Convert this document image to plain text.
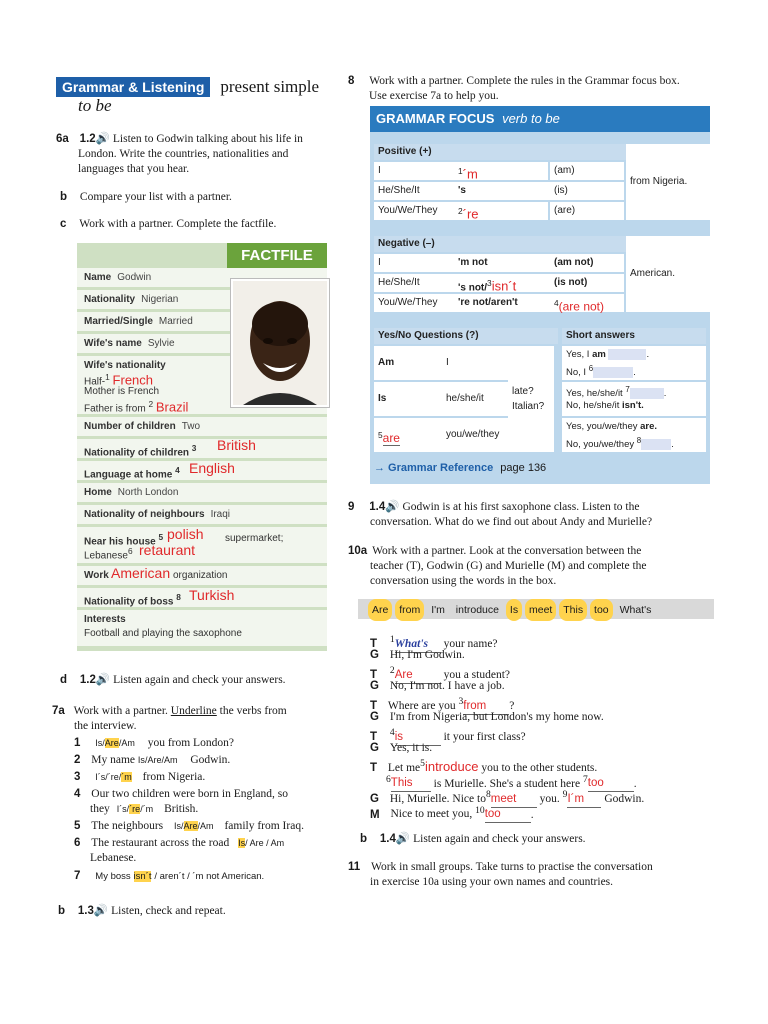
Grammar & Listening present simple
to be
6a 1.2🔊 Listen to Godwin talking about his life in
London. Write the countries, nationalities and
languages that you hear.
b Compare your list with a partner.
c Work with a partner. Complete the factfile.
FACTFILE
Name Godwin
Nationality Nigerian
Married/Single Married
Wife's name Sylvie
Wife's nationality
Half-$^1$ French
Mother is French
Father is from $^2$ Brazil
Number of children Two
Nationality of children $^3$ British
Language at home $^4$ English
Home North London
Nationality of neighbours Iraqi
Near his house $^5$ polish supermarket;
Lebanese$^6$ retaurant
Work American organization
Nationality of boss $^8$ Turkish
Interests
Football and playing the saxophone
d 1.2🔊 Listen again and check your answers.
7a Work with a partner. Underline the verbs from
the interview.
1 Is/Are/Am you from London?
2 My name Is/Are/Am Godwin.
3 I´s/´re/´m from Nigeria.
4 Our two children were born in England, so
they I´s/´re/´m British.
5 The neighbours Is/Are/Am family from Iraq.
6 The restaurant across the road Is/ Are / Am
Lebanese.
7 My boss isn´t / aren´t / ´m not American.
b 1.3🔊 Listen, check and repeat.
8 Work with a partner. Complete the rules in the Grammar focus box.
Use exercise 7a to help you.
GRAMMAR FOCUS verb to be
Positive (+)
I	$^1$´m	(am)
He/She/It	's	(is)
You/We/They	$^2$´re	(are)
from Nigeria.
Negative (–)
I	'm not	(am not)
He/She/It	's not/$^3$isn´t	(is not)
You/We/They	're not/aren't	$^4$(are not)
American.
Yes/No Questions (?)	Short answers
Am	I
Is	he/she/it
$^5$are	you/we/they
late?
Italian?
Yes, I am	.
No, I $^6$	.
Yes, he/she/it $^7$	.
No, he/she/it isn't.
Yes, you/we/they are.
No, you/we/they $^8$	.
→ Grammar Reference page 136
9 1.4🔊 Godwin is at his first saxophone class. Listen to the
conversation. What do we find out about Andy and Murielle?
10a Work with a partner. Look at the conversation between the
teacher (T), Godwin (G) and Murielle (M) and complete the
conversation using the words in the box.
Are from I'm introduce Is meet This too What's
T $^1$What's your name?
G Hi, I'm Godwin.
T $^2$Are	you a student?
G No, I'm not. I have a job.
T Where are you $^3$from ?
G I'm from Nigeria, but London's my home now.
T $^4$is	it your first class?
G Yes, it is.
T Let $me^5introduce$ you to the other students.
$^6$This is Murielle. She's a student here $^7$too	.
G Hi, Murielle. Nice $to^8meet$ you. $^9$I´m Godwin.
M Nice to meet you, $^{10}$too	.
b 1.4🔊 Listen again and check your answers.
11 Work in small groups. Take turns to practise the conversation
in exercise 10a using your own names and countries.
